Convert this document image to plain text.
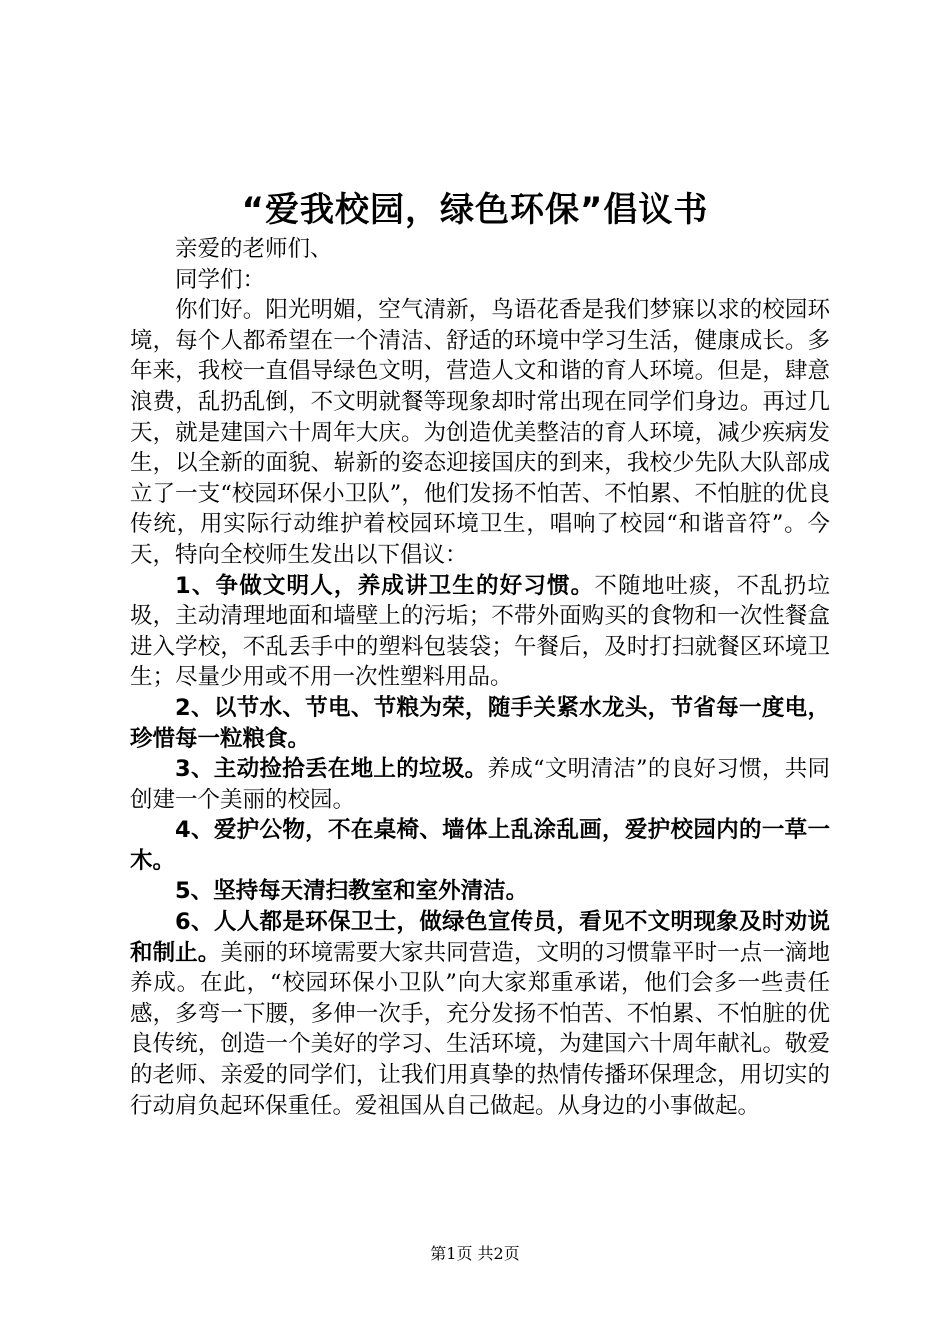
“爱我校园，绿色环保”倡议书

亲爱的老师们、

同学们：

你们好。阳光明媚，空气清新，鸟语花香是我们梦寐以求的校园环境，每个人都希望在一个清洁、舒适的环境中学习生活，健康成长。多年来，我校一直倡导绿色文明，营造人文和谐的育人环境。但是，肆意浪费，乱扔乱倒，不文明就餐等现象却时常出现在同学们身边。再过几天，就是建国六十周年大庆。为创造优美整洁的育人环境，减少疾病发生，以全新的面貌、崭新的姿态迎接国庆的到来，我校少先队大队部成立了一支“校园环保小卫队”，他们发扬不怕苦、不怕累、不怕脏的优良传统，用实际行动维护着校园环境卫生，唱响了校园“和谐音符”。今天，特向全校师生发出以下倡议：

1、争做文明人，养成讲卫生的好习惯。不随地吐痰，不乱扔垃圾，主动清理地面和墙壁上的污垢；不带外面购买的食物和一次性餐盒进入学校，不乱丢手中的塑料包装袋；午餐后，及时打扫就餐区环境卫生；尽量少用或不用一次性塑料用品。

2、以节水、节电、节粮为荣，随手关紧水龙头，节省每一度电，珍惜每一粒粮食。

3、主动捡拾丢在地上的垃圾。养成“文明清洁”的良好习惯，共同创建一个美丽的校园。

4、爱护公物，不在桌椅、墙体上乱涂乱画，爱护校园内的一草一木。

5、坚持每天清扫教室和室外清洁。

6、人人都是环保卫士，做绿色宣传员，看见不文明现象及时劝说和制止。美丽的环境需要大家共同营造，文明的习惯靠平时一点一滴地养成。在此，“校园环保小卫队”向大家郑重承诺，他们会多一些责任感，多弯一下腰，多伸一次手，充分发扬不怕苦、不怕累、不怕脏的优良传统，创造一个美好的学习、生活环境，为建国六十周年献礼。敬爱的老师、亲爱的同学们，让我们用真挚的热情传播环保理念，用切实的行动肩负起环保重任。爱祖国从自己做起。从身边的小事做起。

第1页 共2页
